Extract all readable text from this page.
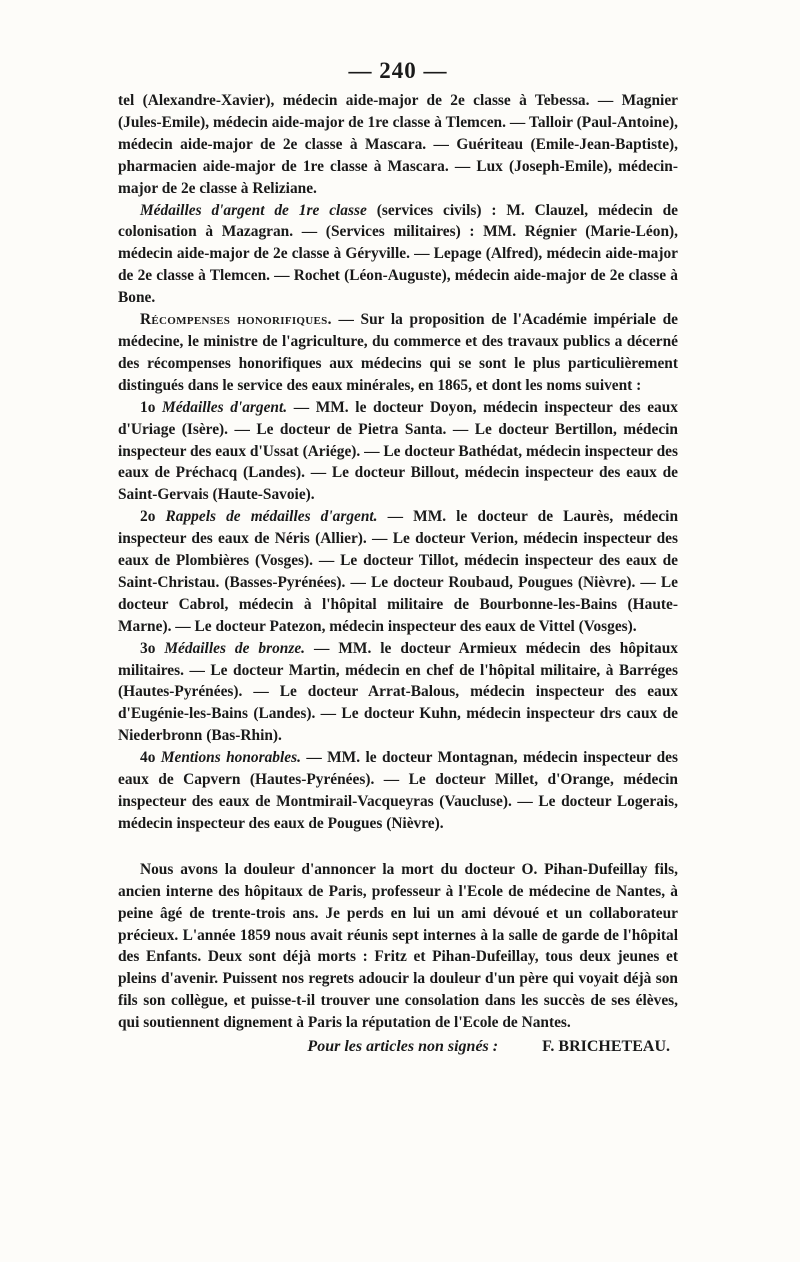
— 240 —

tel (Alexandre-Xavier), médecin aide-major de 2e classe à Tebessa. — Magnier (Jules-Emile), médecin aide-major de 1re classe à Tlemcen. — Talloir (Paul-Antoine), médecin aide-major de 2e classe à Mascara. — Guériteau (Emile-Jean-Baptiste), pharmacien aide-major de 1re classe à Mascara. — Lux (Joseph-Emile), médecin-major de 2e classe à Reliziane.

Médailles d'argent de 1re classe (services civils) : M. Clauzel, médecin de colonisation à Mazagran. — (Services militaires) : MM. Régnier (Marie-Léon), médecin aide-major de 2e classe à Géryville. — Lepage (Alfred), médecin aide-major de 2e classe à Tlemcen. — Rochet (Léon-Auguste), médecin aide-major de 2e classe à Bone.

Récompenses honorifiques. — Sur la proposition de l'Académie impériale de médecine, le ministre de l'agriculture, du commerce et des travaux publics a décerné des récompenses honorifiques aux médecins qui se sont le plus particulièrement distingués dans le service des eaux minérales, en 1865, et dont les noms suivent :

1o Médailles d'argent. — MM. le docteur Doyon, médecin inspecteur des eaux d'Uriage (Isère). — Le docteur de Pietra Santa. — Le docteur Bertillon, médecin inspecteur des eaux d'Ussat (Ariége). — Le docteur Bathédat, médecin inspecteur des eaux de Préchacq (Landes). — Le docteur Billout, médecin inspecteur des eaux de Saint-Gervais (Haute-Savoie).

2o Rappels de médailles d'argent. — MM. le docteur de Laurès, médecin inspecteur des eaux de Néris (Allier). — Le docteur Verion, médecin inspecteur des eaux de Plombières (Vosges). — Le docteur Tillot, médecin inspecteur des eaux de Saint-Christau. (Basses-Pyrénées). — Le docteur Roubaud, Pougues (Nièvre). — Le docteur Cabrol, médecin à l'hôpital militaire de Bourbonne-les-Bains (Haute-Marne). — Le docteur Patezon, médecin inspecteur des eaux de Vittel (Vosges).

3o Médailles de bronze. — MM. le docteur Armieux médecin des hôpitaux militaires. — Le docteur Martin, médecin en chef de l'hôpital militaire, à Barréges (Hautes-Pyrénées). — Le docteur Arrat-Balous, médecin inspecteur des eaux d'Eugénie-les-Bains (Landes). — Le docteur Kuhn, médecin inspecteur drs caux de Niederbronn (Bas-Rhin).

4o Mentions honorables. — MM. le docteur Montagnan, médecin inspecteur des eaux de Capvern (Hautes-Pyrénées). — Le docteur Millet, d'Orange, médecin inspecteur des eaux de Montmirail-Vacqueyras (Vaucluse). — Le docteur Logerais, médecin inspecteur des eaux de Pougues (Nièvre).

Nous avons la douleur d'annoncer la mort du docteur O. Pihan-Dufeillay fils, ancien interne des hôpitaux de Paris, professeur à l'Ecole de médecine de Nantes, à peine âgé de trente-trois ans. Je perds en lui un ami dévoué et un collaborateur précieux. L'année 1859 nous avait réunis sept internes à la salle de garde de l'hôpital des Enfants. Deux sont déjà morts : Fritz et Pihan-Dufeillay, tous deux jeunes et pleins d'avenir. Puissent nos regrets adoucir la douleur d'un père qui voyait déjà son fils son collègue, et puisse-t-il trouver une consolation dans les succès de ses élèves, qui soutiennent dignement à Paris la réputation de l'Ecole de Nantes.
Pour les articles non signés :	F. BRICHETEAU.
